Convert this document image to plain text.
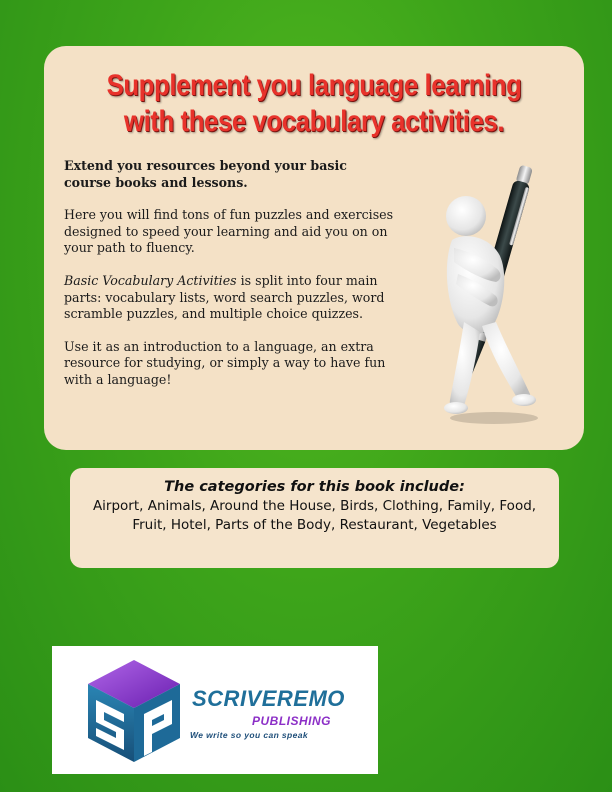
Supplement you language learning
with these vocabulary activities.

Extend you resources beyond your basic course books and lessons.

Here you will find tons of fun puzzles and exercises designed to speed your learning and aid you on on your path to fluency.

Basic Vocabulary Activities is split into four main parts: vocabulary lists, word search puzzles, word scramble puzzles, and multiple choice quizzes.

Use it as an introduction to a language, an extra resource for studying, or simply a way to have fun with a language!

The categories for this book include:
Airport, Animals, Around the House, Birds, Clothing, Family, Food, Fruit, Hotel, Parts of the Body, Restaurant, Vegetables
SCRIVEREMO
PUBLISHING
We write so you can speak
